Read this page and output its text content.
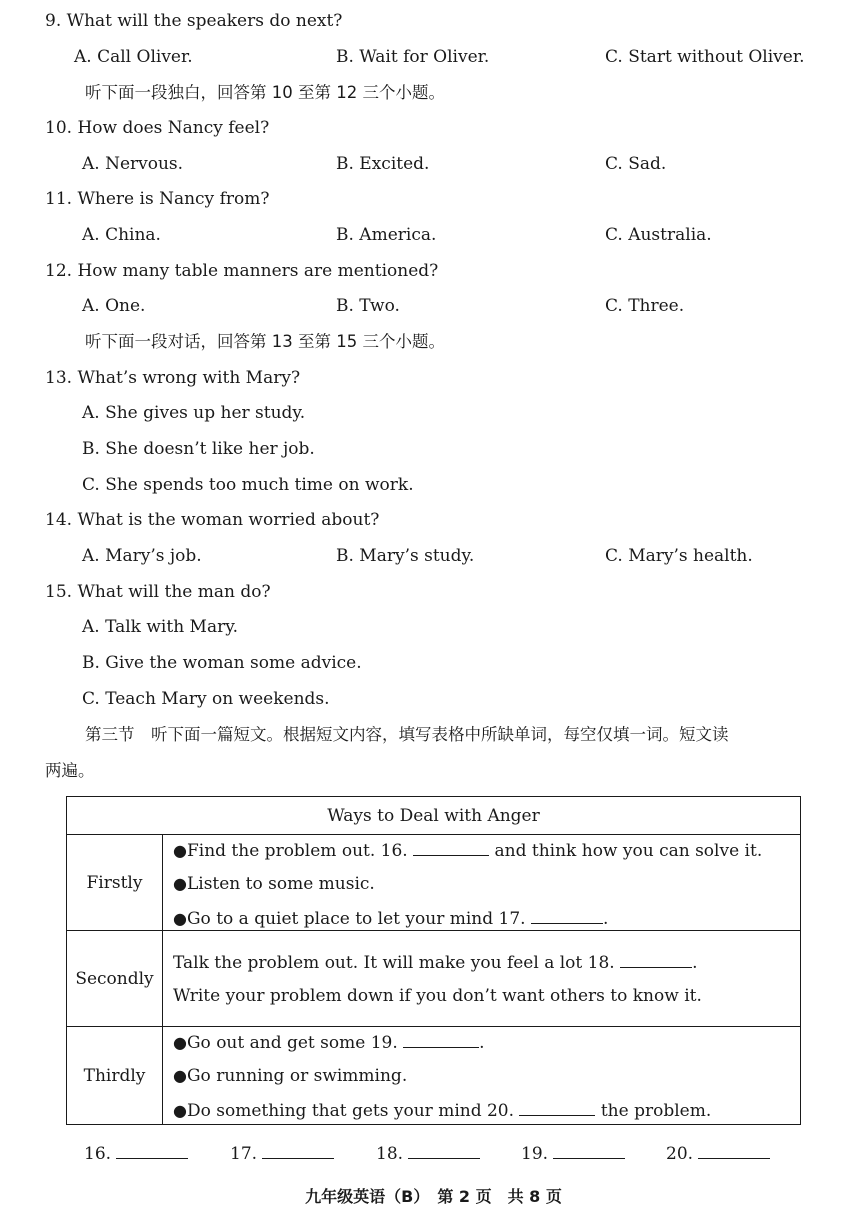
9. What will the speakers do next?
A. Call Oliver.	B. Wait for Oliver.	C. Start without Oliver.
听下面一段独白，回答第 10 至第 12 三个小题。
10. How does Nancy feel?
A. Nervous.	B. Excited.	C. Sad.
11. Where is Nancy from?
A. China.	B. America.	C. Australia.
12. How many table manners are mentioned?
A. One.	B. Two.	C. Three.
听下面一段对话，回答第 13 至第 15 三个小题。
13. What’s wrong with Mary?
A. She gives up her study.
B. She doesn’t like her job.
C. She spends too much time on work.
14. What is the woman worried about?
A. Mary’s job.	B. Mary’s study.	C. Mary’s health.
15. What will the man do?
A. Talk with Mary.
B. Give the woman some advice.
C. Teach Mary on weekends.
第三节　听下面一篇短文。根据短文内容，填写表格中所缺单词，每空仅填一词。短文读
两遍。
Ways to Deal with Anger
Firstly
●Find the problem out. 16.	and think how you can solve it.
●Listen to some music.
●Go to a quiet place to let your mind 17.	.
Secondly
Talk the problem out. It will make you feel a lot 18.	.
Write your problem down if you don’t want others to know it.
Thirdly
●Go out and get some 19.	.
●Go running or swimming.
●Do something that gets your mind 20.	the problem.
16.	17.	18.	19.	20.
九年级英语（B）　第 2 页　共 8 页
